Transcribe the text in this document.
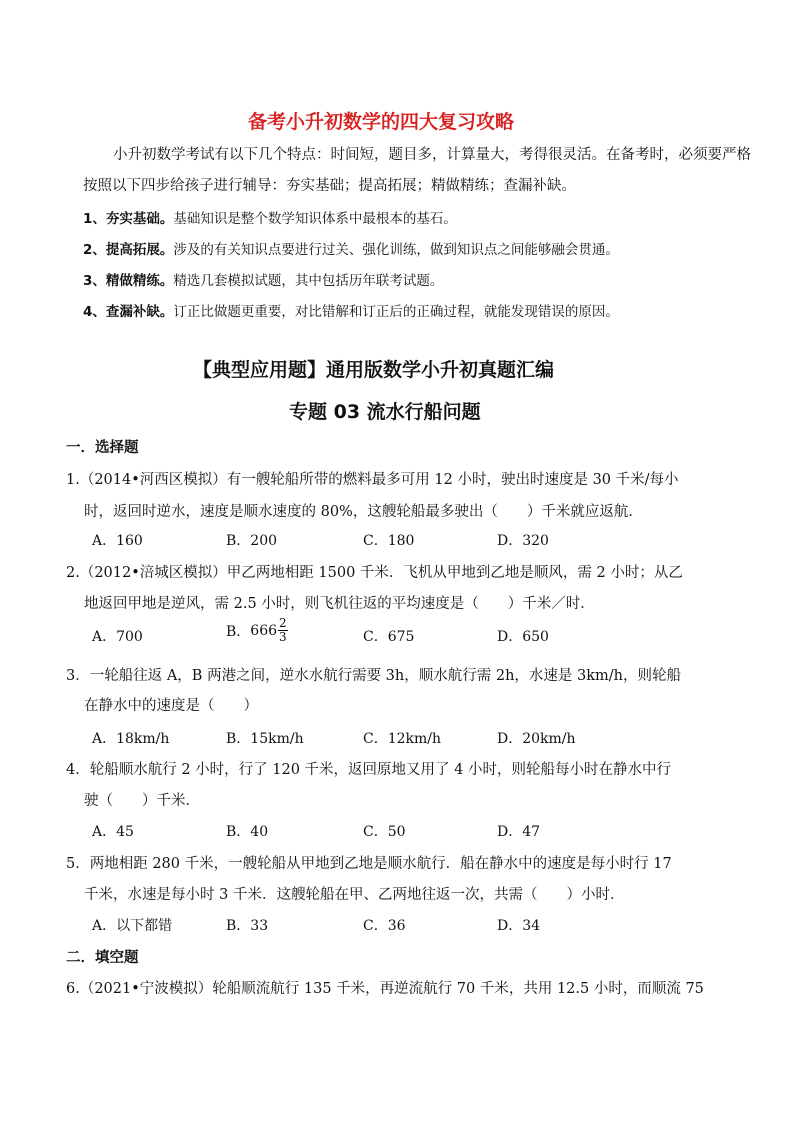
备考小升初数学的四大复习攻略
小升初数学考试有以下几个特点：时间短，题目多，计算量大，考得很灵活。在备考时，必须要严格
按照以下四步给孩子进行辅导：夯实基础；提高拓展；精做精练；查漏补缺。
1、夯实基础。基础知识是整个数学知识体系中最根本的基石。
2、提高拓展。涉及的有关知识点要进行过关、强化训练，做到知识点之间能够融会贯通。
3、精做精练。精选几套模拟试题，其中包括历年联考试题。
4、查漏补缺。订正比做题更重要，对比错解和订正后的正确过程，就能发现错误的原因。
【典型应用题】通用版数学小升初真题汇编
专题 03 流水行船问题
一．选择题
1.（2014•河西区模拟）有一艘轮船所带的燃料最多可用 12 小时，驶出时速度是 30 千米/每小
时，返回时逆水，速度是顺水速度的 80%，这艘轮船最多驶出（　　）千米就应返航．
A．160	B．200	C．180	D．320
2.（2012•涪城区模拟）甲乙两地相距 1500 千米．飞机从甲地到乙地是顺风，需 2 小时；从乙
地返回甲地是逆风，需 2.5 小时，则飞机往返的平均速度是（　　）千米／时．
A．700	B．$666 \frac{2}{3}$	C．675	D．650
3．一轮船往返 A，B 两港之间，逆水水航行需要 3h，顺水航行需 2h，水速是 3km/h，则轮船
在静水中的速度是（　　）
A．18km/h	B．15km/h	C．12km/h	D．20km/h
4．轮船顺水航行 2 小时，行了 120 千米，返回原地又用了 4 小时，则轮船每小时在静水中行
驶（　　）千米．
A．45	B．40	C．50	D．47
5．两地相距 280 千米，一艘轮船从甲地到乙地是顺水航行．船在静水中的速度是每小时行 17
千米，水速是每小时 3 千米．这艘轮船在甲、乙两地往返一次，共需（　　）小时．
A．以下都错	B．33	C．36	D．34
二．填空题
6.（2021•宁波模拟）轮船顺流航行 135 千米，再逆流航行 70 千米，共用 12.5 小时，而顺流 75
